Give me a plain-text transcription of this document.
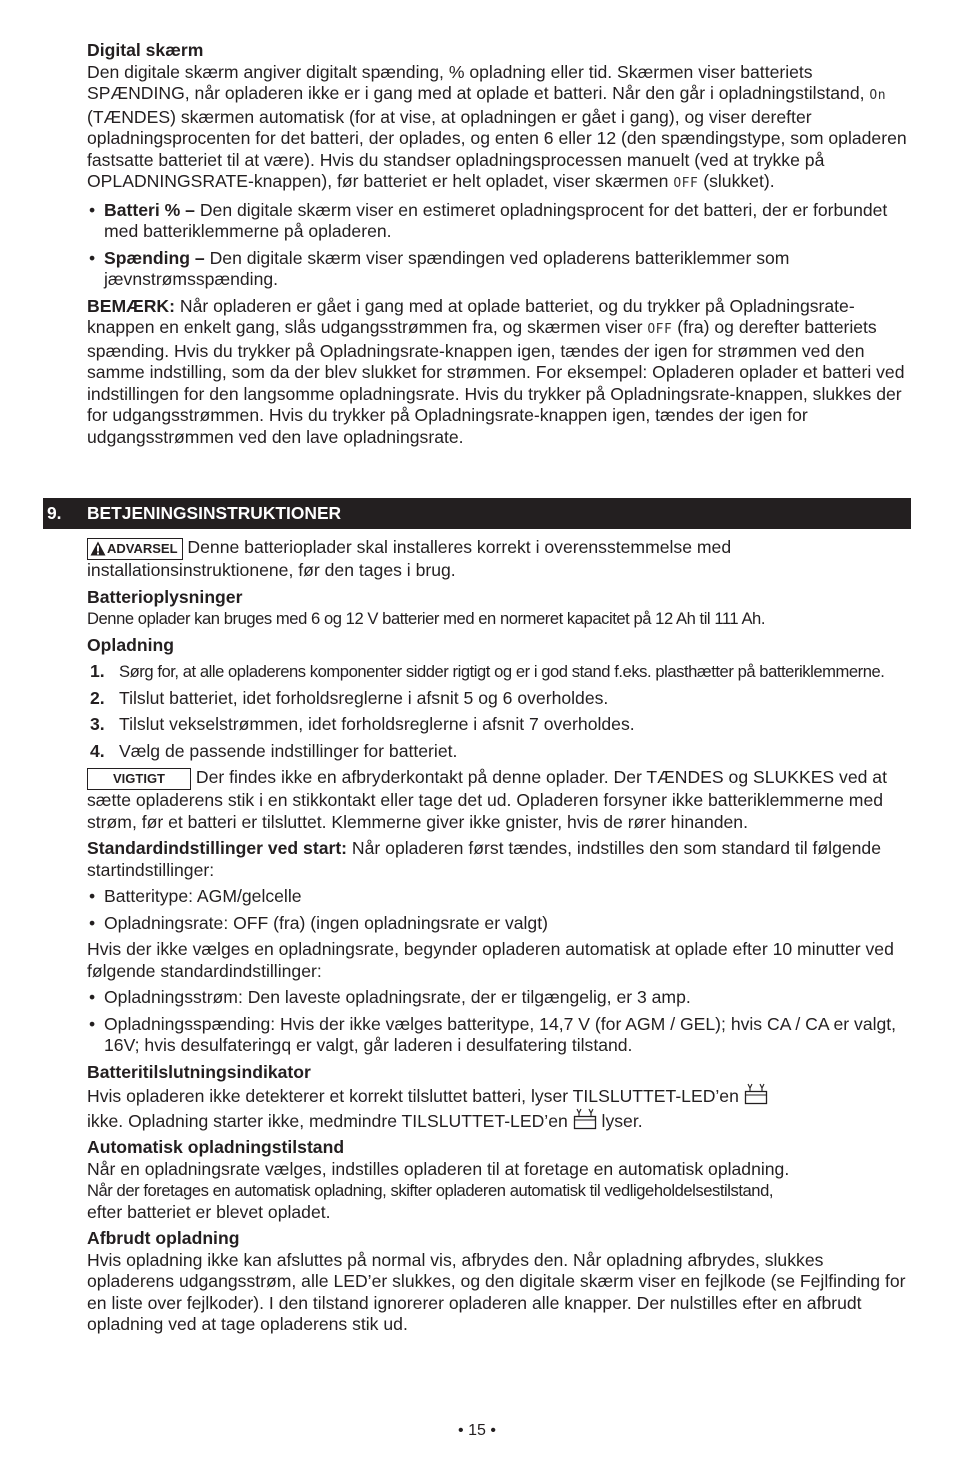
Digital skærm

Den digitale skærm angiver digitalt spænding, % opladning eller tid. Skærmen viser batteriets SPÆNDING, når opladeren ikke er i gang med at oplade et batteri. Når den går i opladningstilstand, On (TÆNDES) skærmen automatisk (for at vise, at opladningen er gået i gang), og viser derefter opladningsprocenten for det batteri, der oplades, og enten 6 eller 12 (den spændingstype, som opladeren fastsatte batteriet til at være). Hvis du standser opladningsprocessen manuelt (ved at trykke på OPLADNINGSRATE-knappen), før batteriet er helt opladet, viser skærmen OFF (slukket).

• Batteri % – Den digitale skærm viser en estimeret opladningsprocent for det batteri, der er forbundet med batteriklemmerne på opladeren.
• Spænding – Den digitale skærm viser spændingen ved opladerens batteriklemmer som jævnstrømsspænding.

BEMÆRK: Når opladeren er gået i gang med at oplade batteriet, og du trykker på Opladningsrate-knappen en enkelt gang, slås udgangsstrømmen fra, og skærmen viser OFF (fra) og derefter batteriets spænding. Hvis du trykker på Opladningsrate-knappen igen, tændes der igen for strømmen ved den samme indstilling, som da der blev slukket for strømmen. For eksempel: Opladeren oplader et batteri ved indstillingen for den langsomme opladningsrate. Hvis du trykker på Opladningsrate-knappen, slukkes der for udgangsstrømmen. Hvis du trykker på Opladningsrate-knappen igen, tændes der igen for udgangsstrømmen ved den lave opladningsrate.

9. BETJENINGSINSTRUKTIONER

ADVARSEL Denne batterioplader skal installeres korrekt i overensstemmelse med installationsinstruktionene, før den tages i brug.

Batterioplysninger

Denne oplader kan bruges med 6 og 12 V batterier med en normeret kapacitet på 12 Ah til 111 Ah.

Opladning

1. Sørg for, at alle opladerens komponenter sidder rigtigt og er i god stand f.eks. plasthætter på batteriklemmerne.
2. Tilslut batteriet, idet forholdsreglerne i afsnit 5 og 6 overholdes.
3. Tilslut vekselstrømmen, idet forholdsreglerne i afsnit 7 overholdes.
4. Vælg de passende indstillinger for batteriet.

VIGTIGT Der findes ikke en afbryderkontakt på denne oplader. Der TÆNDES og SLUKKES ved at sætte opladerens stik i en stikkontakt eller tage det ud. Opladeren forsyner ikke batteriklemmerne med strøm, før et batteri er tilsluttet. Klemmerne giver ikke gnister, hvis de rører hinanden.

Standardindstillinger ved start: Når opladeren først tændes, indstilles den som standard til følgende startindstillinger:

• Batteritype: AGM/gelcelle
• Opladningsrate: OFF (fra) (ingen opladningsrate er valgt)

Hvis der ikke vælges en opladningsrate, begynder opladeren automatisk at oplade efter 10 minutter ved følgende standardindstillinger:

• Opladningsstrøm: Den laveste opladningsrate, der er tilgængelig, er 3 amp.
• Opladningsspænding: Hvis der ikke vælges batteritype, 14,7 V (for AGM / GEL); hvis CA / CA er valgt, 16V; hvis desulfateringq er valgt, går laderen i desulfatering tilstand.

Batteritilslutningsindikator

Hvis opladeren ikke detekterer et korrekt tilsluttet batteri, lyser TILSLUTTET-LED’en
ikke. Opladning starter ikke, medmindre TILSLUTTET-LED’en lyser.

Automatisk opladningstilstand

Når en opladningsrate vælges, indstilles opladeren til at foretage en automatisk opladning.

Når der foretages en automatisk opladning, skifter opladeren automatisk til vedligeholdelsestilstand,

efter batteriet er blevet opladet.

Afbrudt opladning

Hvis opladning ikke kan afsluttes på normal vis, afbrydes den. Når opladning afbrydes, slukkes opladerens udgangsstrøm, alle LED’er slukkes, og den digitale skærm viser en fejlkode (se Fejlfinding for en liste over fejlkoder). I den tilstand ignorerer opladeren alle knapper. Der nulstilles efter en afbrudt opladning ved at tage opladerens stik ud.

• 15 •
